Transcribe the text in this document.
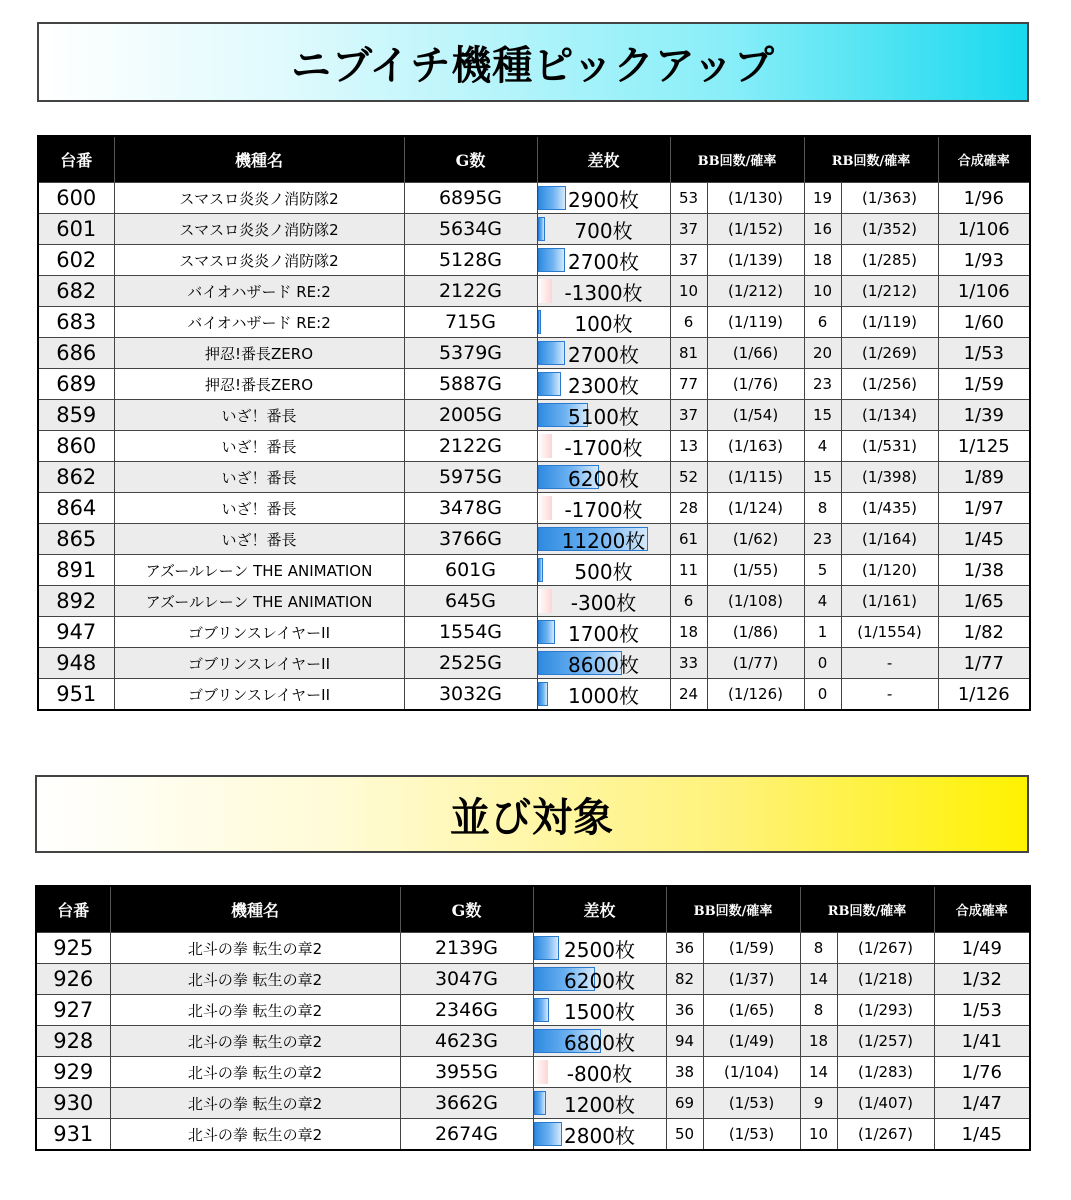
ニブイチ機種ピックアップ
台番	機種名	G数	差枚	BB回数/確率		RB回数/確率		合成確率
600	スマスロ炎炎ノ消防隊2	6895G	2900枚	53	(1/130)	19	(1/363)	1/96
601	スマスロ炎炎ノ消防隊2	5634G	700枚	37	(1/152)	16	(1/352)	1/106
602	スマスロ炎炎ノ消防隊2	5128G	2700枚	37	(1/139)	18	(1/285)	1/93
682	バイオハザード RE:2	2122G	-1300枚	10	(1/212)	10	(1/212)	1/106
683	バイオハザード RE:2	715G	100枚	6	(1/119)	6	(1/119)	1/60
686	押忍!番長ZERO	5379G	2700枚	81	(1/66)	20	(1/269)	1/53
689	押忍!番長ZERO	5887G	2300枚	77	(1/76)	23	(1/256)	1/59
859	いざ！番長	2005G	5100枚	37	(1/54)	15	(1/134)	1/39
860	いざ！番長	2122G	-1700枚	13	(1/163)	4	(1/531)	1/125
862	いざ！番長	5975G	6200枚	52	(1/115)	15	(1/398)	1/89
864	いざ！番長	3478G	-1700枚	28	(1/124)	8	(1/435)	1/97
865	いざ！番長	3766G	11200枚	61	(1/62)	23	(1/164)	1/45
891	アズールレーン THE ANIMATION	601G	500枚	11	(1/55)	5	(1/120)	1/38
892	アズールレーン THE ANIMATION	645G	-300枚	6	(1/108)	4	(1/161)	1/65
947	ゴブリンスレイヤーII	1554G	1700枚	18	(1/86)	1	(1/1554)	1/82
948	ゴブリンスレイヤーII	2525G	8600枚	33	(1/77)	0	-	1/77
951	ゴブリンスレイヤーII	3032G	1000枚	24	(1/126)	0	-	1/126
並び対象
台番	機種名	G数	差枚	BB回数/確率		RB回数/確率		合成確率
925	北斗の拳 転生の章2	2139G	2500枚	36	(1/59)	8	(1/267)	1/49
926	北斗の拳 転生の章2	3047G	6200枚	82	(1/37)	14	(1/218)	1/32
927	北斗の拳 転生の章2	2346G	1500枚	36	(1/65)	8	(1/293)	1/53
928	北斗の拳 転生の章2	4623G	6800枚	94	(1/49)	18	(1/257)	1/41
929	北斗の拳 転生の章2	3955G	-800枚	38	(1/104)	14	(1/283)	1/76
930	北斗の拳 転生の章2	3662G	1200枚	69	(1/53)	9	(1/407)	1/47
931	北斗の拳 転生の章2	2674G	2800枚	50	(1/53)	10	(1/267)	1/45
